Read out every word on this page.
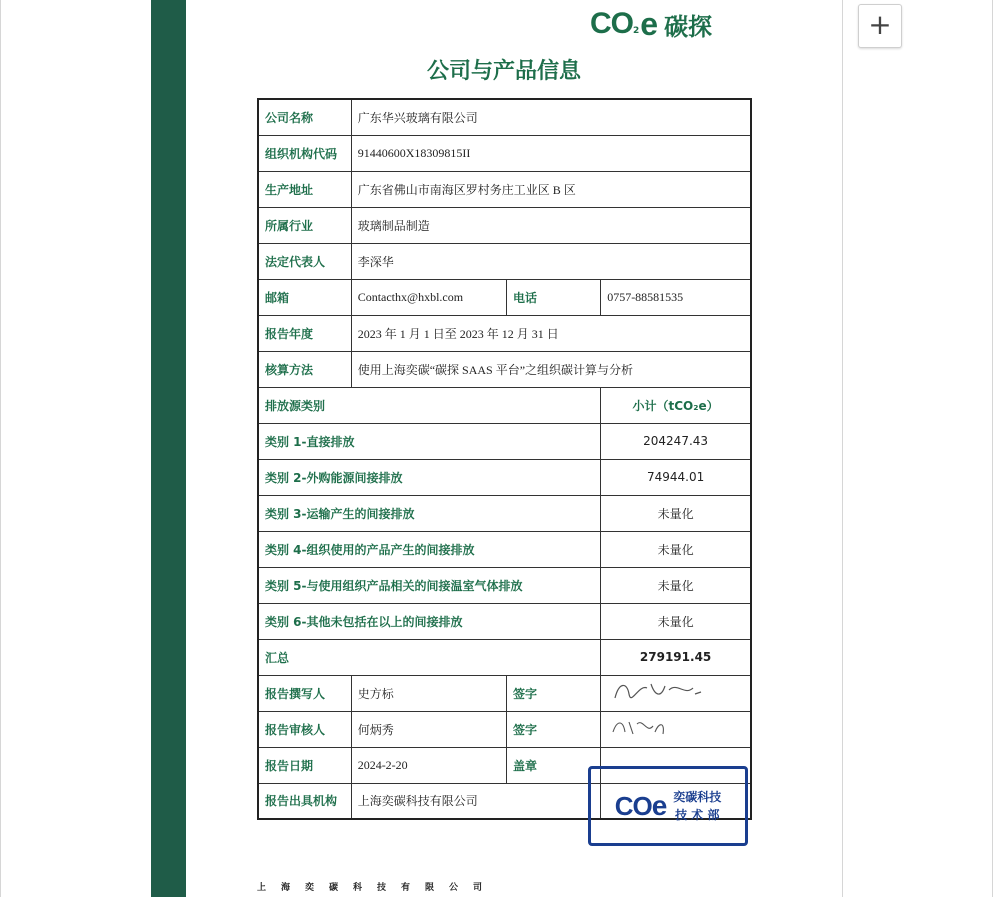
+
CO 2 e 碳探
公司与产品信息
公司名称	广东华兴玻璃有限公司		
组织机构代码	91440600X18309815II		
生产地址	广东省佛山市南海区罗村务庄工业区 B 区		
所属行业	玻璃制品制造		
法定代表人	李深华		
邮箱	Contacthx@hxbl.com	电话	0757-88581535
报告年度	2023 年 1 月 1 日至 2023 年 12 月 31 日		
核算方法	使用上海奕碳“碳探 SAAS 平台”之组织碳计算与分析		
排放源类别			小计（tCO₂e）
类别 1-直接排放			204247.43
类别 2-外购能源间接排放			74944.01
类别 3-运输产生的间接排放			未量化
类别 4-组织使用的产品产生的间接排放			未量化
类别 5-与使用组织产品相关的间接温室气体排放			未量化
类别 6-其他未包括在以上的间接排放			未量化
汇总			279191.45
报告撰写人	史方标	签字	
报告审核人	何炳秀	签字	
报告日期	2024-2-20	盖章	
报告出具机构	上海奕碳科技有限公司			CO e 奕碳科技
技 术 部
上海奕碳科技有限公司
